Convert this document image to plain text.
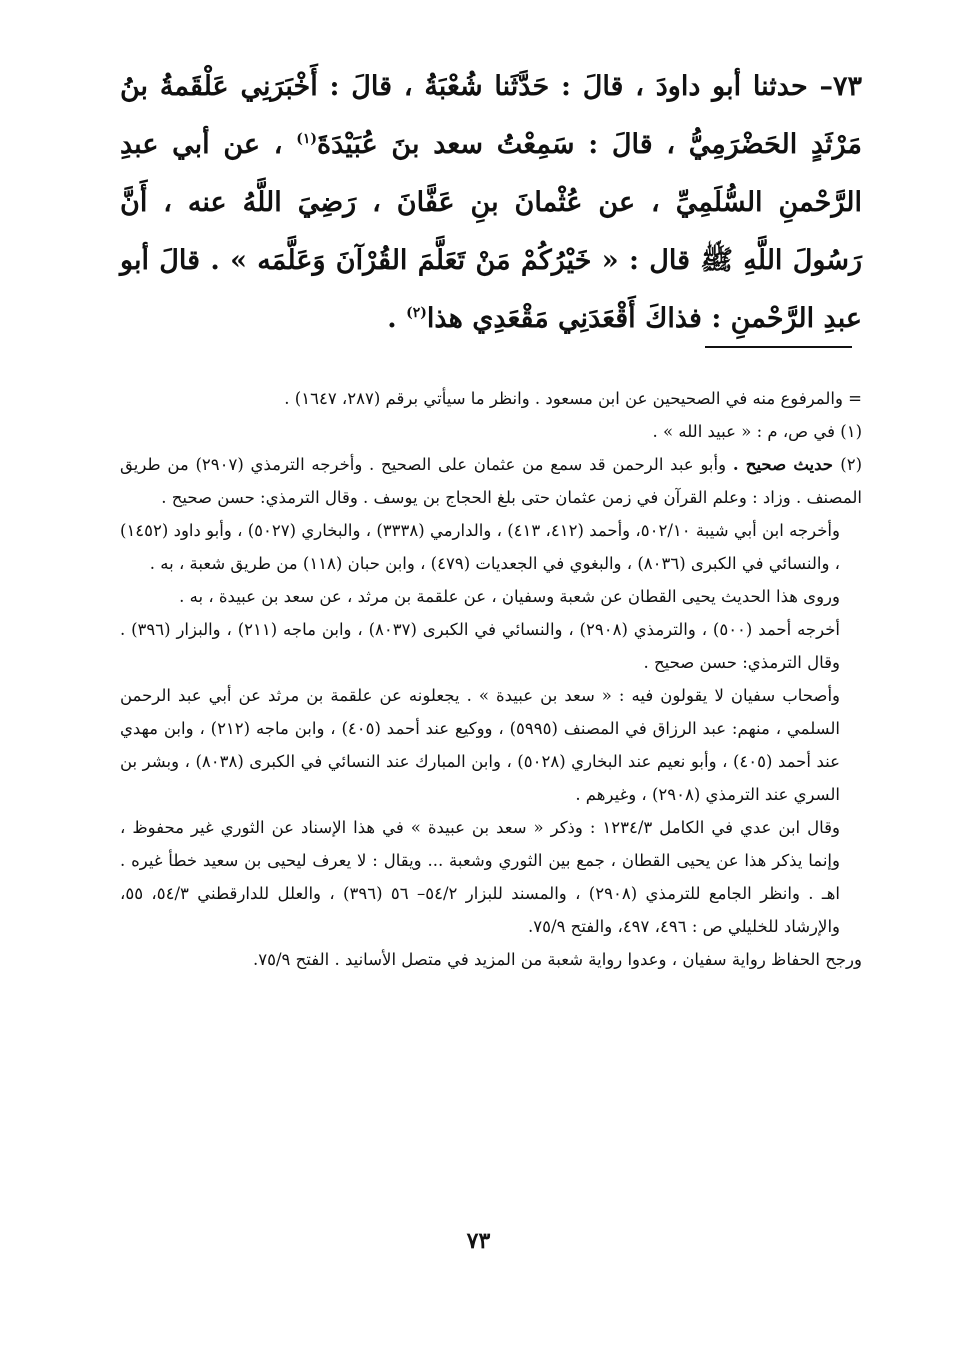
٧٣– حدثنا أبو داودَ ، قالَ : حَدَّثَنا شُعْبَةُ ، قالَ : أَخْبَرَنِي عَلْقَمةُ بنُ مَرْثَدٍ الحَضْرَمِيُّ ، قالَ : سَمِعْتُ سعد بنَ عُبَيْدَةَ$^{(١)}$ ، عن أبي عبدِ الرَّحْمنِ السُّلَمِيِّ ، عن عُثْمانَ بنِ عَفَّانَ ، رَضِيَ اللَّهُ عنه ، أَنَّ رَسُولَ اللَّهِ ﷺ قال : « خَيْرُكُمْ مَنْ تَعَلَّمَ القُرْآنَ وَعَلَّمَه » . قالَ أبو عبدِ الرَّحْمنِ : فذاكَ أَقْعَدَنِي مَقْعَدِي هذا$^{(٢)}$ .

= والمرفوع منه في الصحيحين عن ابن مسعود . وانظر ما سيأتي برقم (٢٨٧، ١٦٤٧) .

(١) في ص، م : « عبيد الله » .

(٢) حديث صحيح . وأبو عبد الرحمن قد سمع من عثمان على الصحيح . وأخرجه الترمذي (٢٩٠٧) من طريق المصنف . وزاد : وعلم القرآن في زمن عثمان حتى بلغ الحجاج بن يوسف . وقال الترمذي: حسن صحيح .

وأخرجه ابن أبي شيبة ٥٠٢/١٠، وأحمد (٤١٢، ٤١٣) ، والدارمي (٣٣٣٨) ، والبخاري (٥٠٢٧) ، وأبو داود (١٤٥٢) ، والنسائي في الكبرى (٨٠٣٦) ، والبغوي في الجعديات (٤٧٩) ، وابن حبان (١١٨) من طريق شعبة ، به .

وروى هذا الحديث يحيى القطان عن شعبة وسفيان ، عن علقمة بن مرثد ، عن سعد بن عبيدة ، به .

أخرجه أحمد (٥٠٠) ، والترمذي (٢٩٠٨) ، والنسائي في الكبرى (٨٠٣٧) ، وابن ماجه (٢١١) ، والبزار (٣٩٦) . وقال الترمذي: حسن صحيح .

وأصحاب سفيان لا يقولون فيه : « سعد بن عبيدة » . يجعلونه عن علقمة بن مرثد عن أبي عبد الرحمن السلمي ، منهم: عبد الرزاق في المصنف (٥٩٩٥) ، ووكيع عند أحمد (٤٠٥) ، وابن ماجه (٢١٢) ، وابن مهدي عند أحمد (٤٠٥) ، وأبو نعيم عند البخاري (٥٠٢٨) ، وابن المبارك عند النسائي في الكبرى (٨٠٣٨) ، وبشر بن السري عند الترمذي (٢٩٠٨) ، وغيرهم .

وقال ابن عدي في الكامل ١٢٣٤/٣ : وذكر « سعد بن عبيدة » في هذا الإسناد عن الثوري غير محفوظ ، وإنما يذكر هذا عن يحيى القطان ، جمع بين الثوري وشعبة ... ويقال : لا يعرف ليحيى بن سعيد خطأ غيره . اهـ . وانظر الجامع للترمذي (٢٩٠٨) ، والمسند للبزار ٥٤/٢– ٥٦ (٣٩٦) ، والعلل للدارقطني ٥٤/٣، ٥٥، والإرشاد للخليلي ص : ٤٩٦، ٤٩٧، والفتح ٧٥/٩.

ورجح الحفاظ رواية سفيان ، وعدوا رواية شعبة من المزيد في متصل الأسانيد . الفتح ٧٥/٩.

٧٣
